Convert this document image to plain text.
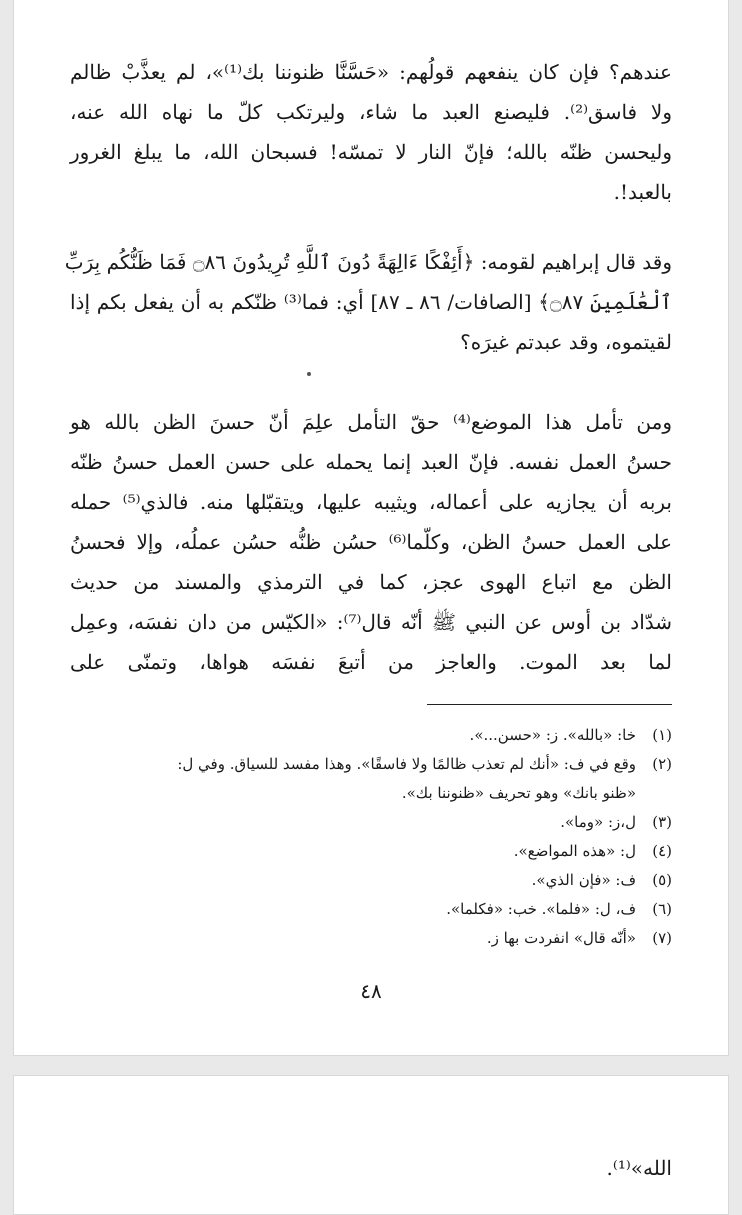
عندهم؟ فإن كان ينفعهم قولُهم: «حَسَّنَّا ظنوننا بك⁽¹⁾»، لم يعذَّبْ ظالم
ولا فاسق⁽²⁾. فليصنع العبد ما شاء، وليرتكب كلّ ما نهاه الله عنه،
وليحسن ظنّه بالله؛ فإنّ النار لا تمسّه! فسبحان الله، ما يبلغ الغرور
بالعبد!.

وقد قال إبراهيم لقومه: ﴿أَئِفْكًا ءَالِهَةً دُونَ ٱللَّهِ تُرِيدُونَ ۝٨٦ فَمَا ظَنُّكُم بِرَبِّ
ٱلْعَٰلَمِينَ ۝٨٧﴾ [الصافات/ ٨٦ ـ ٨٧] أي: فما⁽³⁾ ظنّكم به أن يفعل بكم إذا
لقيتموه، وقد عبدتم غيرَه؟

ومن تأمل هذا الموضع⁽⁴⁾ حقّ التأمل علِمَ أنّ حسنَ الظن بالله هو
حسنُ العمل نفسه. فإنّ العبد إنما يحمله على حسن العمل حسنُ ظنّه
بربه أن يجازيه على أعماله، ويثيبه عليها، ويتقبّلها منه. فالذي⁽⁵⁾ حمله
على العمل حسنُ الظن، وكلّما⁽⁶⁾ حسُن ظنُّه حسُن عملُه، وإلا فحسنُ
الظن مع اتباع الهوى عجز، كما في الترمذي والمسند من حديث
شدّاد بن أوس عن النبي ﷺ أنّه قال⁽⁷⁾: «الكيّس من دان نفسَه، وعمِل
لما بعد الموت. والعاجز من أتبعَ نفسَه هواها، وتمنّى على

(١)
خا: «بالله». ز: «حسن...».
(٢)
وقع في ف: «أنك لم تعذب ظالمًا ولا فاسقًا». وهذا مفسد للسياق. وفي ل:
«ظنو بانك» وهو تحريف «ظنوننا بك».
(٣)
ل،ز: «وما».
(٤)
ل: «هذه المواضع».
(٥)
ف: «فإن الذي».
(٦)
ف، ل: «فلما». خب: «فكلما».
(٧)
«أنّه قال» انفردت بها ز.
٤٨
الله»⁽¹⁾.
